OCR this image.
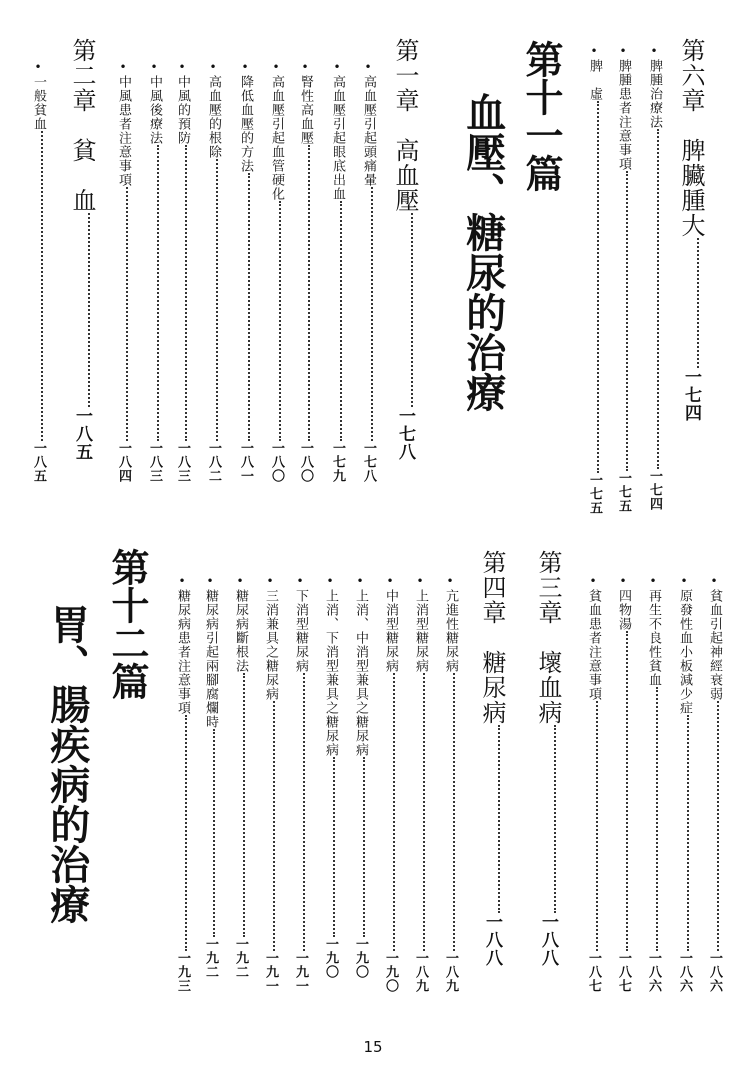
第六章　脾臟腫大一七四
•脾腫治療法一七四
•脾腫患者注意事項一七五
•脾　虛一七五
第十一篇
血壓、糖尿的治療
第一章　高血壓一七八
•高血壓引起頭痛暈一七八
•高血壓引起眼底出血一七九
•腎性高血壓一八〇
•高血壓引起血管硬化一八〇
•降低血壓的方法一八一
•高血壓的根除一八二
•中風的預防一八三
•中風後療法一八三
•中風患者注意事項一八四
第二章　貧　血一八五
•一般貧血一八五
•貧血引起神經衰弱一八六
•原發性血小板減少症一八六
•再生不良性貧血一八六
•四物湯一八七
•貧血患者注意事項一八七
第三章　壞血病一八八
第四章　糖尿病一八八
•亢進性糖尿病一八九
•上消型糖尿病一八九
•中消型糖尿病一九〇
•上消、中消型兼具之糖尿病一九〇
•上消、下消型兼具之糖尿病一九〇
•下消型糖尿病一九一
•三消兼具之糖尿病一九一
•糖尿病斷根法一九二
•糖尿病引起兩腳腐爛時一九二
•糖尿病患者注意事項一九三
第十二篇
胃、腸疾病的治療
15
